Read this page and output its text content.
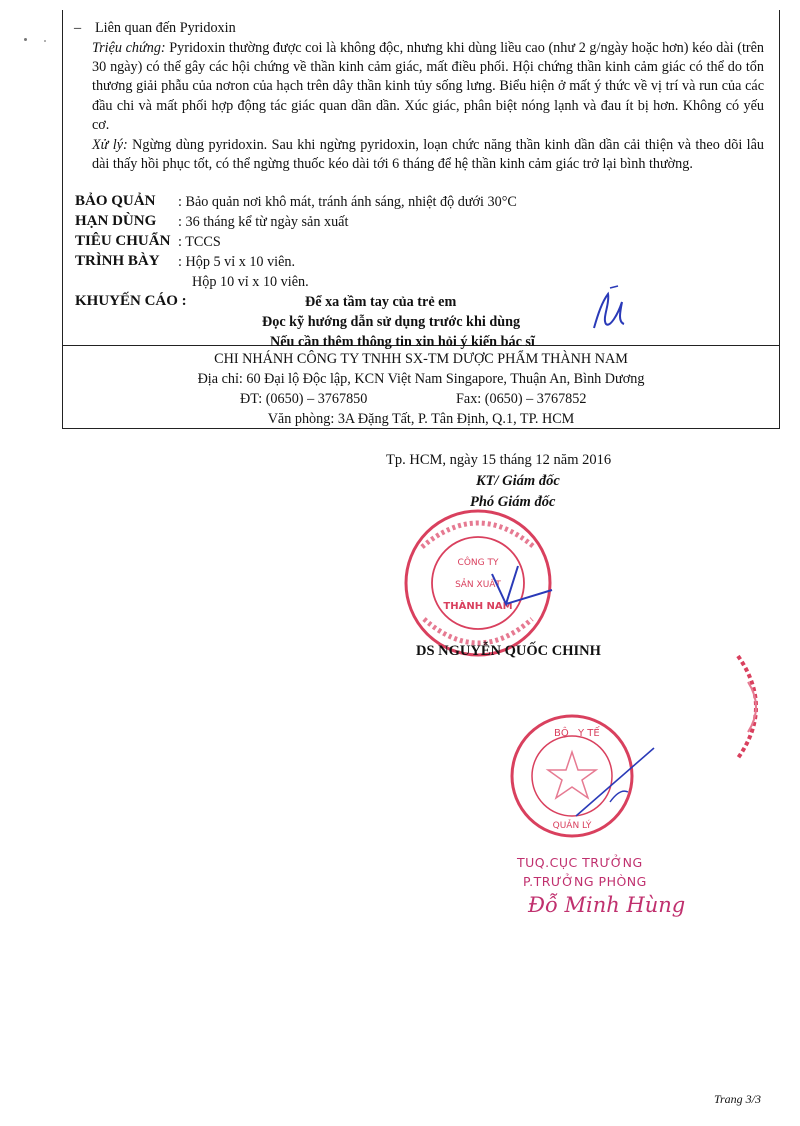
– Liên quan đến Pyridoxin
Triệu chứng: Pyridoxin thường được coi là không độc, nhưng khi dùng liều cao (như 2 g/ngày hoặc hơn) kéo dài (trên 30 ngày) có thể gây các hội chứng về thần kinh cảm giác, mất điều phối. Hội chứng thần kinh cảm giác có thể do tổn thương giải phẫu của nơron của hạch trên dây thần kinh tủy sống lưng. Biểu hiện ở mất ý thức về vị trí và run của các đầu chi và mất phối hợp động tác giác quan dần dần. Xúc giác, phân biệt nóng lạnh và đau ít bị hơn. Không có yếu cơ.
Xử lý: Ngừng dùng pyridoxin. Sau khi ngừng pyridoxin, loạn chức năng thần kinh dần dần cải thiện và theo dõi lâu dài thấy hồi phục tốt, có thể ngừng thuốc kéo dài tới 6 tháng để hệ thần kinh cảm giác trở lại bình thường.
BẢO QUẢN : Bảo quản nơi khô mát, tránh ánh sáng, nhiệt độ dưới 30°C
HẠN DÙNG : 36 tháng kể từ ngày sản xuất
TIÊU CHUẨN : TCCS
TRÌNH BÀY : Hộp 5 vỉ x 10 viên.
Hộp 10 vỉ x 10 viên.
KHUYẾN CÁO :	Để xa tầm tay của trẻ em
Đọc kỹ hướng dẫn sử dụng trước khi dùng
Nếu cần thêm thông tin xin hỏi ý kiến bác sĩ
CHI NHÁNH CÔNG TY TNHH SX-TM DƯỢC PHẨM THÀNH NAM
Địa chỉ: 60 Đại lộ Độc lập, KCN Việt Nam Singapore, Thuận An, Bình Dương
ĐT: (0650) – 3767850	Fax: (0650) – 3767852
Văn phòng: 3A Đặng Tất, P. Tân Định, Q.1, TP. HCM
Tp. HCM, ngày 15 tháng 12 năm 2016
KT/ Giám đốc
Phó Giám đốc
CÔNG TY
SẢN XUẤT
THÀNH NAM
DS NGUYỄN QUỐC CHINH
BỘ Y TẾ
QUẢN LÝ
TUQ.CỤC TRƯỞNG
P.TRƯỞNG PHÒNG
Đỗ Minh Hùng
Trang 3/3
